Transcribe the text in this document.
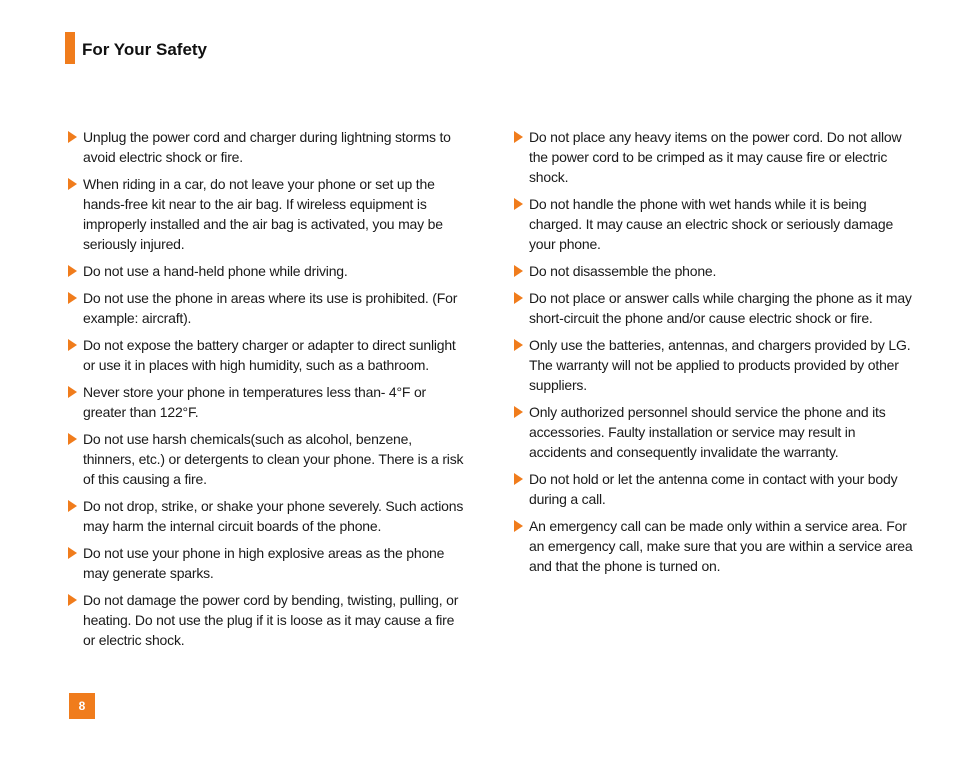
For Your Safety
Unplug the power cord and charger during lightning storms to avoid electric shock or fire.
When riding in a car, do not leave your phone or set up the hands-free kit near to the air bag. If wireless equipment is improperly installed and the air bag is activated, you may be seriously injured.
Do not use a hand-held phone while driving.
Do not use the phone in areas where its use is prohibited. (For example: aircraft).
Do not expose the battery charger or adapter to direct sunlight or use it in places with high humidity, such as a bathroom.
Never store your phone in temperatures less than- 4°F or greater than 122°F.
Do not use harsh chemicals(such as alcohol, benzene, thinners, etc.) or detergents to clean your phone. There is a risk of this causing a fire.
Do not drop, strike, or shake your phone severely. Such actions may harm the internal circuit boards of the phone.
Do not use your phone in high explosive areas as the phone may generate sparks.
Do not damage the power cord by bending, twisting, pulling, or heating. Do not use the plug if it is loose as it may cause a fire or electric shock.
Do not place any heavy items on the power cord. Do not allow the power cord to be crimped as it may cause fire or electric shock.
Do not handle the phone with wet hands while it is being charged. It may cause an electric shock or seriously damage your phone.
Do not disassemble the phone.
Do not place or answer calls while charging the phone as it may short-circuit the phone and/or cause electric shock or fire.
Only use the batteries, antennas, and chargers provided by LG. The warranty will not be applied to products provided by other suppliers.
Only authorized personnel should service the phone and its accessories. Faulty installation or service may result in accidents and consequently invalidate the warranty.
Do not hold or let the antenna come in contact with your body during a call.
An emergency call can be made only within a service area. For an emergency call, make sure that you are within a service area and that the phone is turned on.
8
